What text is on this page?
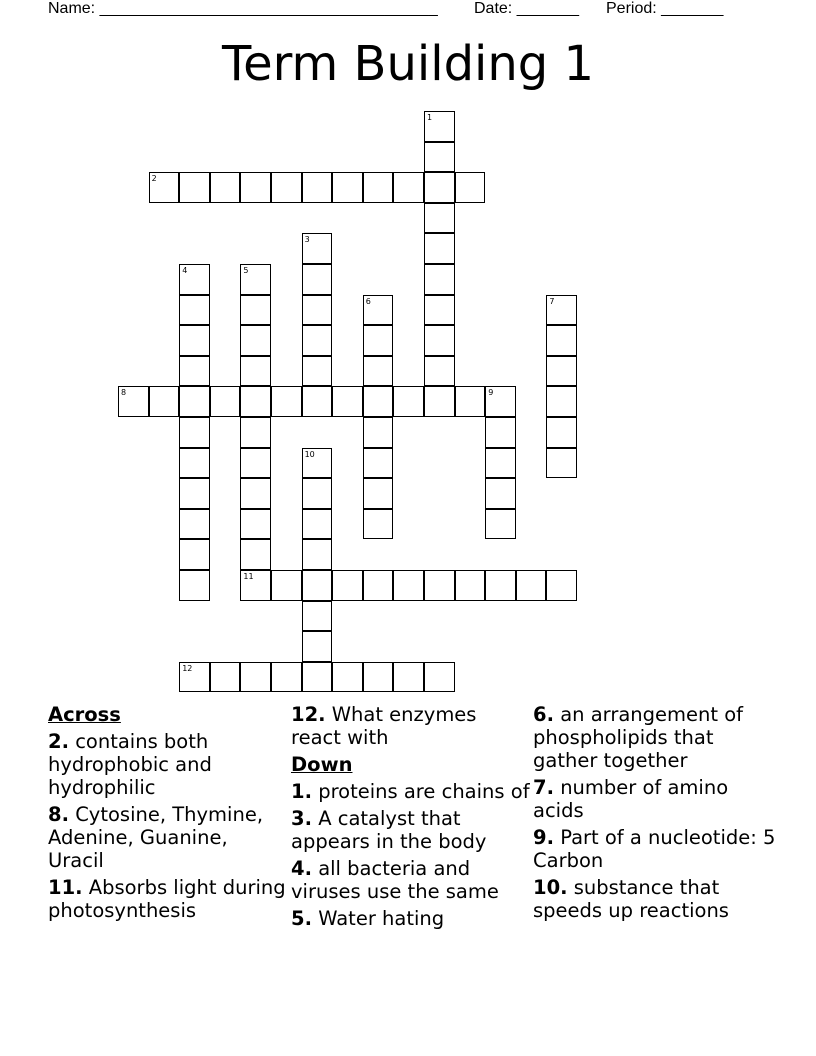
Name: ______________________________________ Date: _______ Period: _______
Term Building 1
1
2
3
4	5
6	7
8	9
10
11
12
Across
2. contains both hydrophobic and hydrophilic
8. Cytosine, Thymine, Adenine, Guanine, Uracil
11. Absorbs light during photosynthesis
12. What enzymes react with
Down
1. proteins are chains of
3. A catalyst that appears in the body
4. all bacteria and viruses use the same
5. Water hating
6. an arrangement of phospholipids that gather together
7. number of amino acids
9. Part of a nucleotide: 5 Carbon
10. substance that speeds up reactions
